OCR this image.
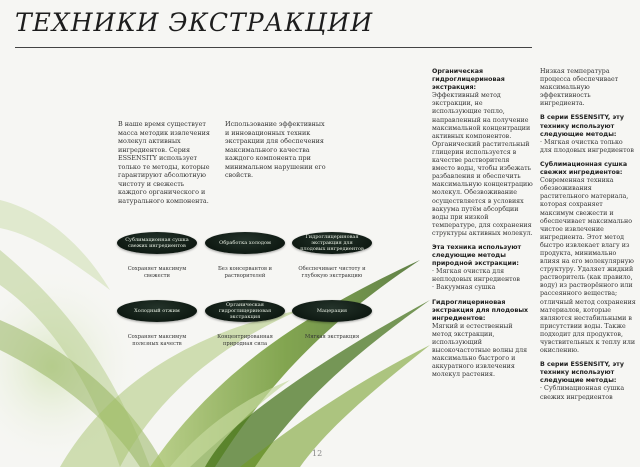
ТЕХНИКИ ЭКСТРАКЦИИ
В наше время существует масса методик извлечения молекул активных ингредиентов. Серия ESSENSITY использует только те методы, которые гарантируют абсолютную чистоту и свежесть каждого органического и натурального компонента.
Использование эффективных и инновационных техник экстракции для обеспечения максимального качества каждого компонента при минимальном нарушении его свойств.
Сублимационная сушка свежих ингредиентов	Обработка холодом
Гидроглицериновая экстракция для плодовых ингредиентов
Сохраняет максимум свежести
Без консервантов и растворителей
Обеспечивает чистоту и глубокую экстракцию
Холодный отжим
Органическая гидроглицериновая экстракция
Мацерация
Сохраняет максимум полезных качеств
Концентрированная природная сила
Мягкая экстракция
Органическая гидроглицериновая экстракция:
Эффективный метод экстракции, не использующие тепло, направленный на получение максимальной концентрации активных компонентов. Органический растительный глицерин используется в качестве растворителя вместо воды, чтобы избежать разбавления и обеспечить максимальную концентрацию молекул. Обезвоживание осуществляется в условиях вакуума путём абсорбции воды при низкой температуре, для сохранения структуры активных молекул.
Эта техника используют следующие методы природной экстракции:
· Мягкая очистка для неплодовых ингредиентов
· Вакуумная сушка
Гидроглицериновая экстракция для плодовых ингредиентов:
Мягкий и естественный метод экстракции, использующий высокочастотные волны для максимально быстрого и аккуратного извлечения молекул растения.
Низкая температура процесса обеспечивает максимальную эффективность ингредиента.
В серии ESSENSITY, эту технику используют следующие методы:
· Мягкая очистка только для плодовых ингредиентов
Сублимационная сушка свежих ингредиентов:
Современная техника обезвоживания растительного материала, которая сохраняет максимум свежести и обеспечивает максимально чистое извлечение ингредиента. Этот метод быстро извлекает влагу из продукта, минимально влияя на его молекулярную структуру. Удаляет жидкий растворитель (как правило, воду) из растворённого или рассеянного вещества; отличный метод сохранения материалов, которые являются нестабильными в присутствии воды. Также подходит для продуктов, чувствительных к теплу или окислению.
В серии ESSENSITY, эту технику используют следующие методы:
· Сублимационная сушка свежих ингредиентов
12
